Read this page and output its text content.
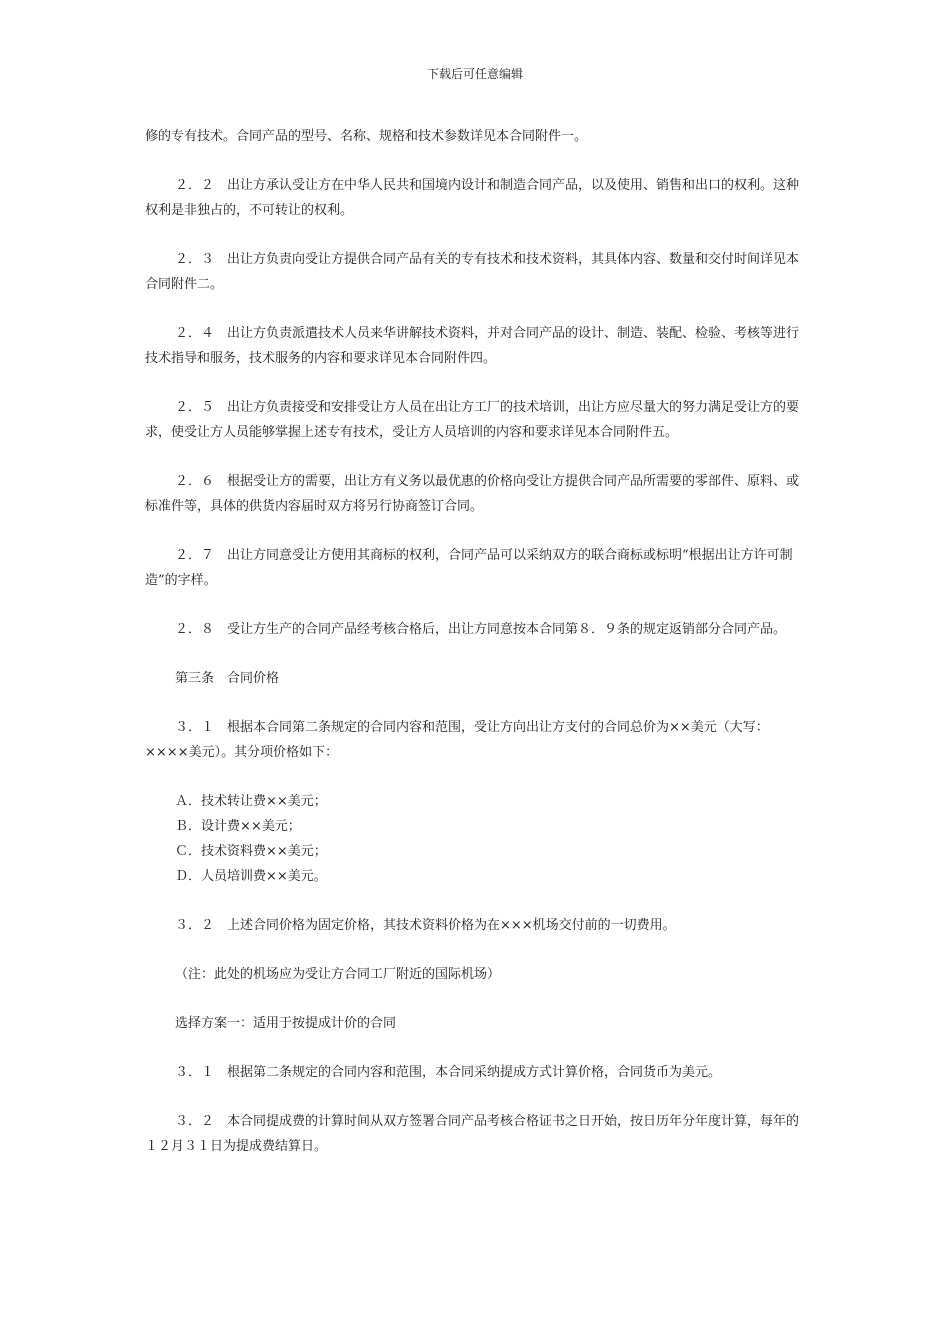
下载后可任意编辑

修的专有技术。合同产品的型号、名称、规格和技术参数详见本合同附件一。

２．２　出让方承认受让方在中华人民共和国境内设计和制造合同产品，以及使用、销售和出口的权利。这种权利是非独占的，不可转让的权利。

２．３　出让方负责向受让方提供合同产品有关的专有技术和技术资料，其具体内容、数量和交付时间详见本合同附件二。

２．４　出让方负责派遣技术人员来华讲解技术资料，并对合同产品的设计、制造、装配、检验、考核等进行技术指导和服务，技术服务的内容和要求详见本合同附件四。

２．５　出让方负责接受和安排受让方人员在出让方工厂的技术培训，出让方应尽量大的努力满足受让方的要求，使受让方人员能够掌握上述专有技术，受让方人员培训的内容和要求详见本合同附件五。

２．６　根据受让方的需要，出让方有义务以最优惠的价格向受让方提供合同产品所需要的零部件、原料、或标准件等，具体的供货内容届时双方将另行协商签订合同。

２．７　出让方同意受让方使用其商标的权利，合同产品可以采纳双方的联合商标或标明“根据出让方许可制造”的字样。

２．８　受让方生产的合同产品经考核合格后，出让方同意按本合同第８．９条的规定返销部分合同产品。

第三条　合同价格

３．１　根据本合同第二条规定的合同内容和范围，受让方向出让方支付的合同总价为××美元（大写：××××美元）。其分项价格如下：

Ａ．技术转让费××美元；

Ｂ．设计费××美元；

Ｃ．技术资料费××美元；

Ｄ．人员培训费××美元。

３．２　上述合同价格为固定价格，其技术资料价格为在×××机场交付前的一切费用。

（注：此处的机场应为受让方合同工厂附近的国际机场）

选择方案一：适用于按提成计价的合同

３．１　根据第二条规定的合同内容和范围，本合同采纳提成方式计算价格，合同货币为美元。

３．２　本合同提成费的计算时间从双方签署合同产品考核合格证书之日开始，按日历年分年度计算，每年的１２月３１日为提成费结算日。
